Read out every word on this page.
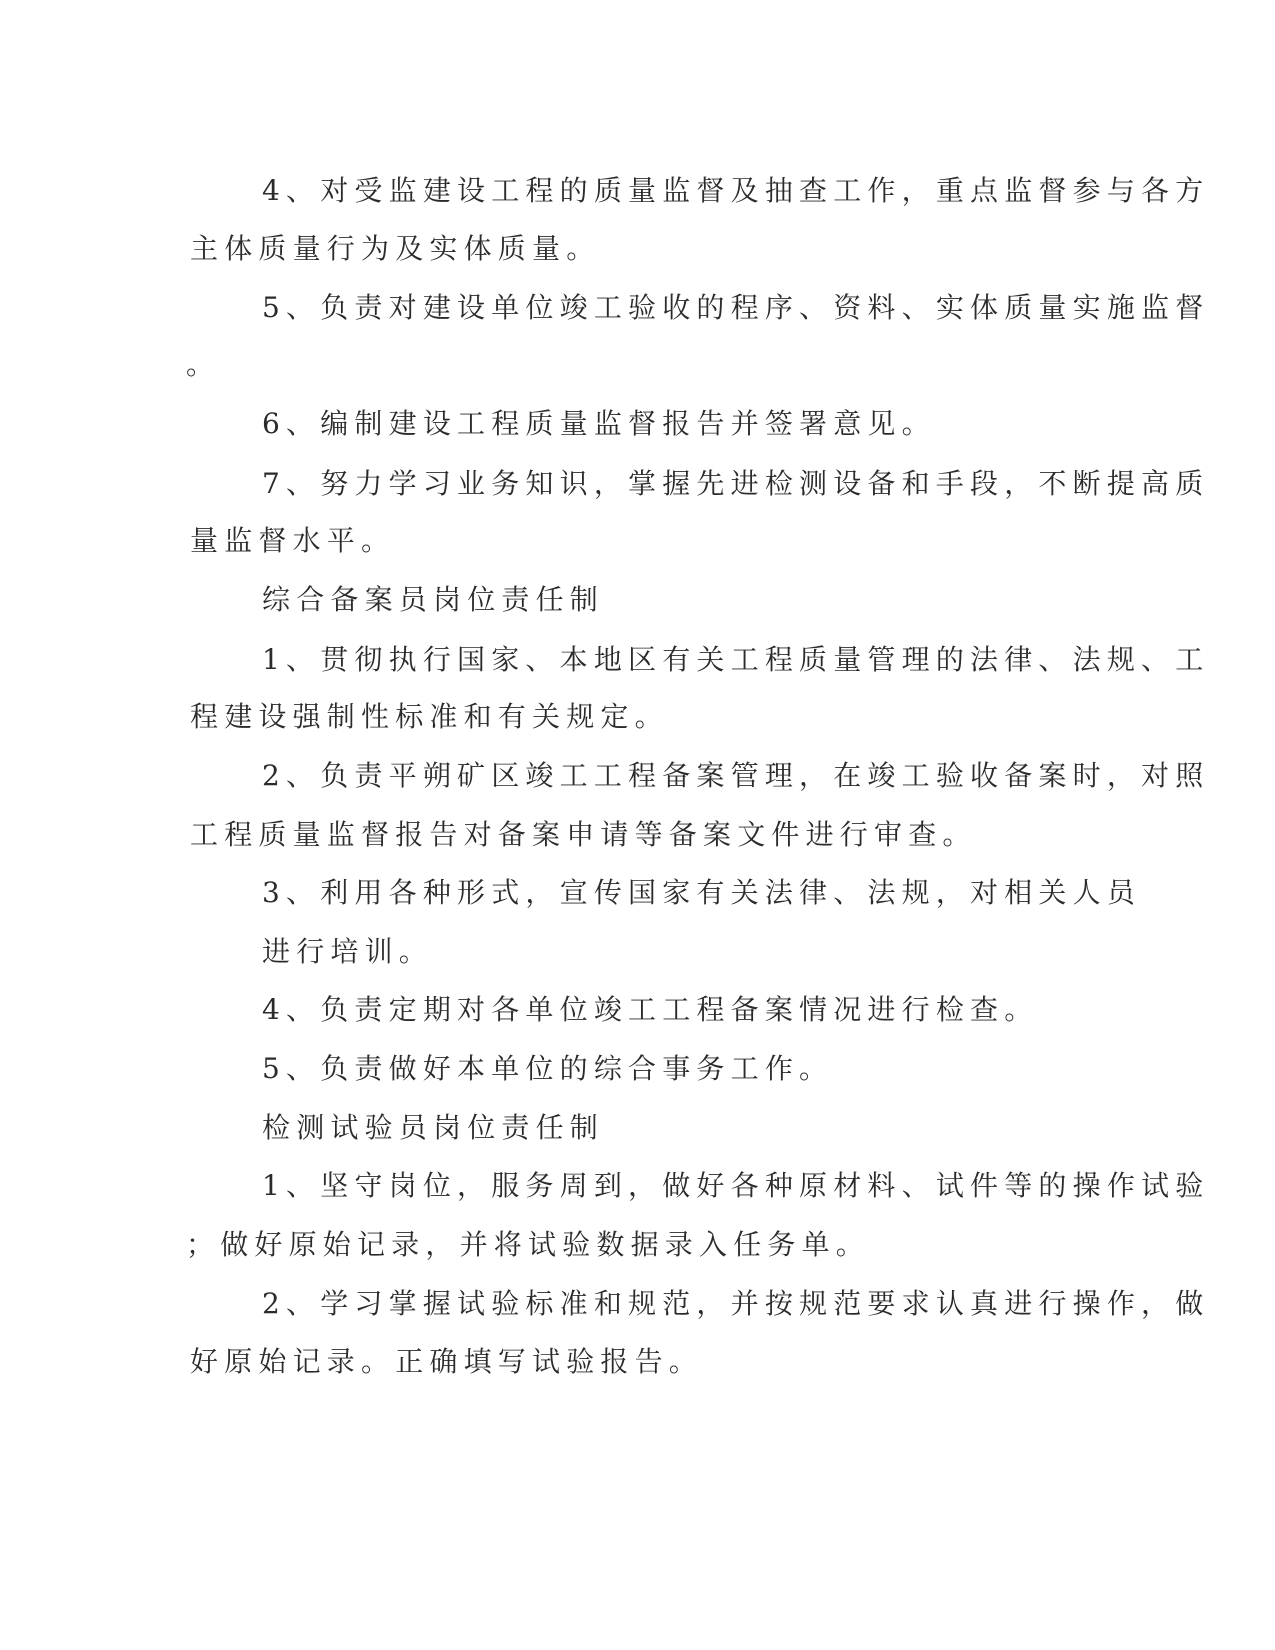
4、对受监建设工程的质量监督及抽查工作，重点监督参与各方
主体质量行为及实体质量。
5、负责对建设单位竣工验收的程序、资料、实体质量实施监督
。
6、编制建设工程质量监督报告并签署意见。
7、努力学习业务知识，掌握先进检测设备和手段，不断提高质
量监督水平。
综合备案员岗位责任制
1、贯彻执行国家、本地区有关工程质量管理的法律、法规、工
程建设强制性标准和有关规定。
2、负责平朔矿区竣工工程备案管理，在竣工验收备案时，对照
工程质量监督报告对备案申请等备案文件进行审查。
3、利用各种形式，宣传国家有关法律、法规，对相关人员
进行培训。
4、负责定期对各单位竣工工程备案情况进行检查。
5、负责做好本单位的综合事务工作。
检测试验员岗位责任制
1、坚守岗位，服务周到，做好各种原材料、试件等的操作试验
；做好原始记录，并将试验数据录入任务单。
2、学习掌握试验标准和规范，并按规范要求认真进行操作，做
好原始记录。正确填写试验报告。
